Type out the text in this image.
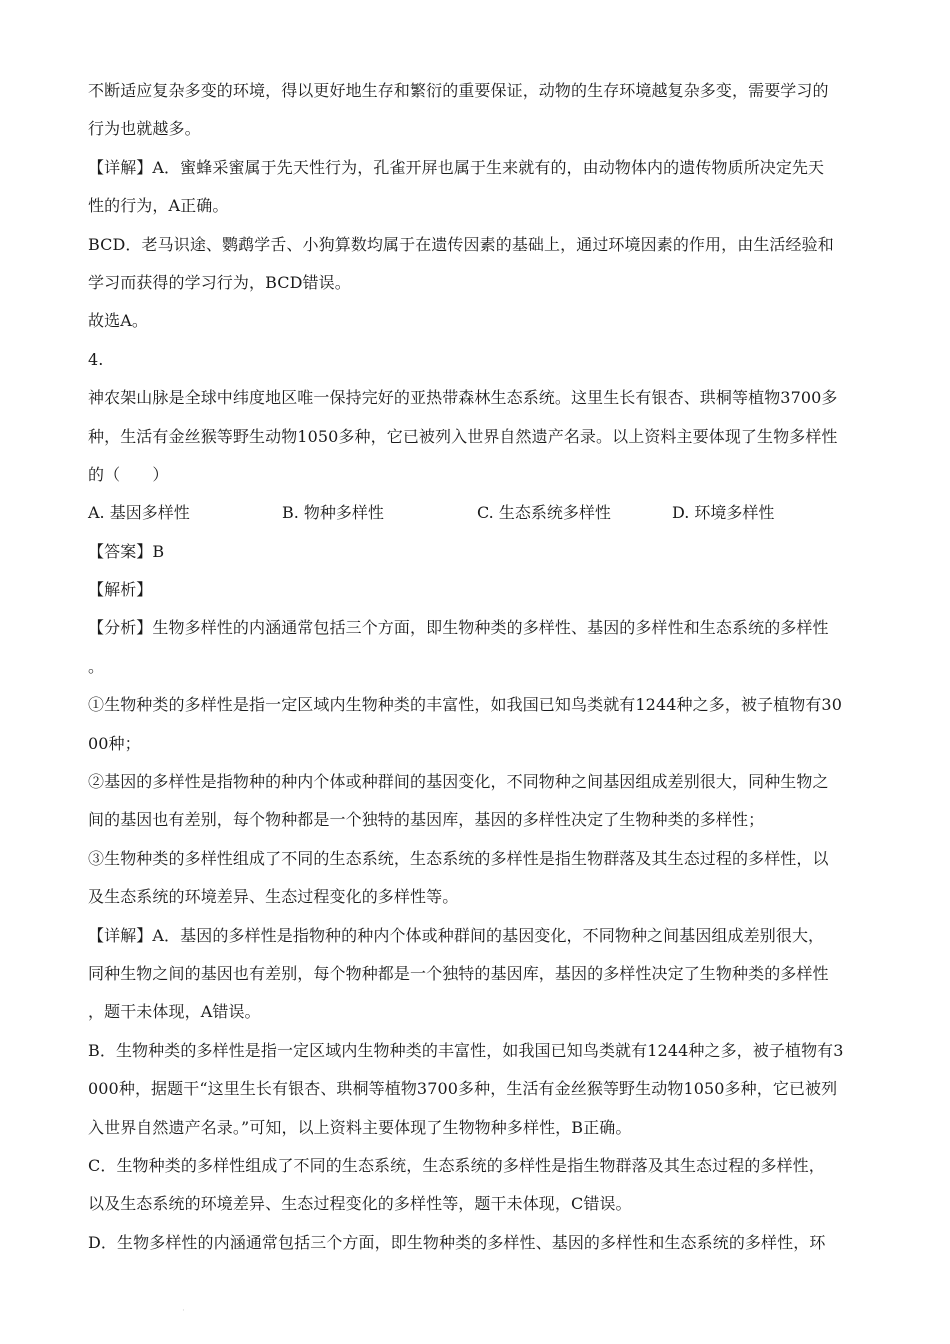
不断适应复杂多变的环境，得以更好地生存和繁衍的重要保证，动物的生存环境越复杂多变，需要学习的
行为也就越多。
【详解】A．蜜蜂采蜜属于先天性行为，孔雀开屏也属于生来就有的，由动物体内的遗传物质所决定先天
性的行为，A正确。
BCD．老马识途、鹦鹉学舌、小狗算数均属于在遗传因素的基础上，通过环境因素的作用，由生活经验和
学习而获得的学习行为，BCD错误。
故选A。
4.
神农架山脉是全球中纬度地区唯一保持完好的亚热带森林生态系统。这里生长有银杏、珙桐等植物3700多
种，生活有金丝猴等野生动物1050多种，它已被列入世界自然遗产名录。以上资料主要体现了生物多样性
的（　　）
A. 基因多样性	B. 物种多样性	C. 生态系统多样性	D. 环境多样性
【答案】B
【解析】
【分析】生物多样性的内涵通常包括三个方面，即生物种类的多样性、基因的多样性和生态系统的多样性
。
①生物种类的多样性是指一定区域内生物种类的丰富性，如我国已知鸟类就有1244种之多，被子植物有30
00种；
②基因的多样性是指物种的种内个体或种群间的基因变化，不同物种之间基因组成差别很大，同种生物之
间的基因也有差别，每个物种都是一个独特的基因库，基因的多样性决定了生物种类的多样性；
③生物种类的多样性组成了不同的生态系统，生态系统的多样性是指生物群落及其生态过程的多样性，以
及生态系统的环境差异、生态过程变化的多样性等。
【详解】A．基因的多样性是指物种的种内个体或种群间的基因变化，不同物种之间基因组成差别很大，
同种生物之间的基因也有差别，每个物种都是一个独特的基因库，基因的多样性决定了生物种类的多样性
，题干未体现，A错误。
B．生物种类的多样性是指一定区域内生物种类的丰富性，如我国已知鸟类就有1244种之多，被子植物有3
000种，据题干“这里生长有银杏、珙桐等植物3700多种，生活有金丝猴等野生动物1050多种，它已被列
入世界自然遗产名录。”可知，以上资料主要体现了生物物种多样性，B正确。
C．生物种类的多样性组成了不同的生态系统，生态系统的多样性是指生物群落及其生态过程的多样性，
以及生态系统的环境差异、生态过程变化的多样性等，题干未体现，C错误。
D．生物多样性的内涵通常包括三个方面，即生物种类的多样性、基因的多样性和生态系统的多样性，环
·
